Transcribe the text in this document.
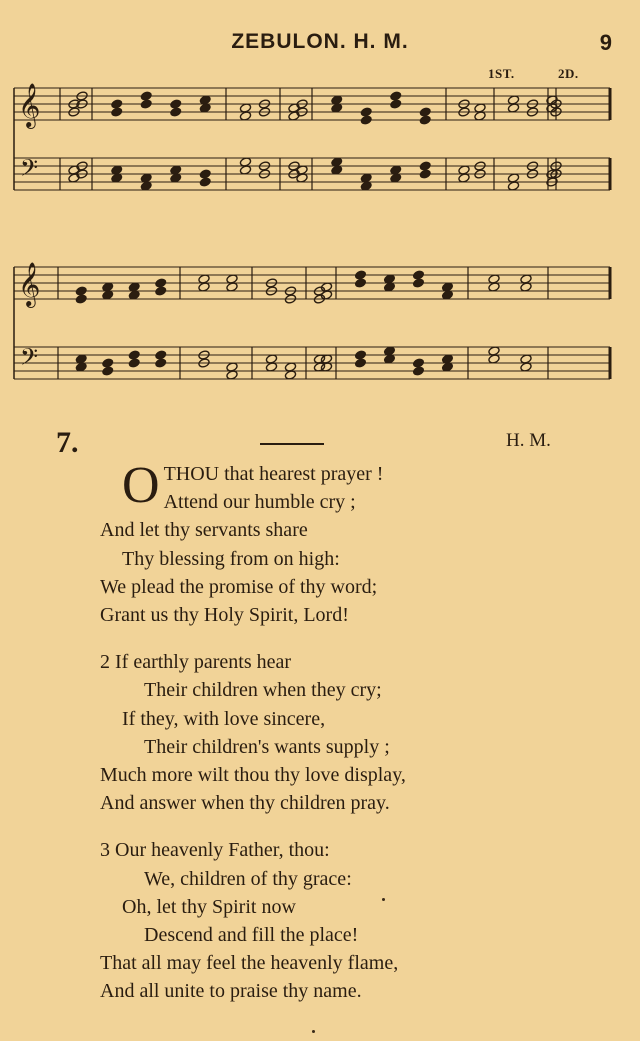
ZEBULON. H. M.	9
1ST.	2D.
𝄞
𝄢
𝄞
𝄢
7.	H. M.
OTHOU that hearest prayer !
Attend our humble cry ;
And let thy servants share
Thy blessing from on high:
We plead the promise of thy word;
Grant us thy Holy Spirit, Lord!
2 If earthly parents hear
Their children when they cry;
If they, with love sincere,
Their children's wants supply ;
Much more wilt thou thy love display,
And answer when thy children pray.
3 Our heavenly Father, thou:
We, children of thy grace:
Oh, let thy Spirit now
Descend and fill the place!
That all may feel the heavenly flame,
And all unite to praise thy name.
